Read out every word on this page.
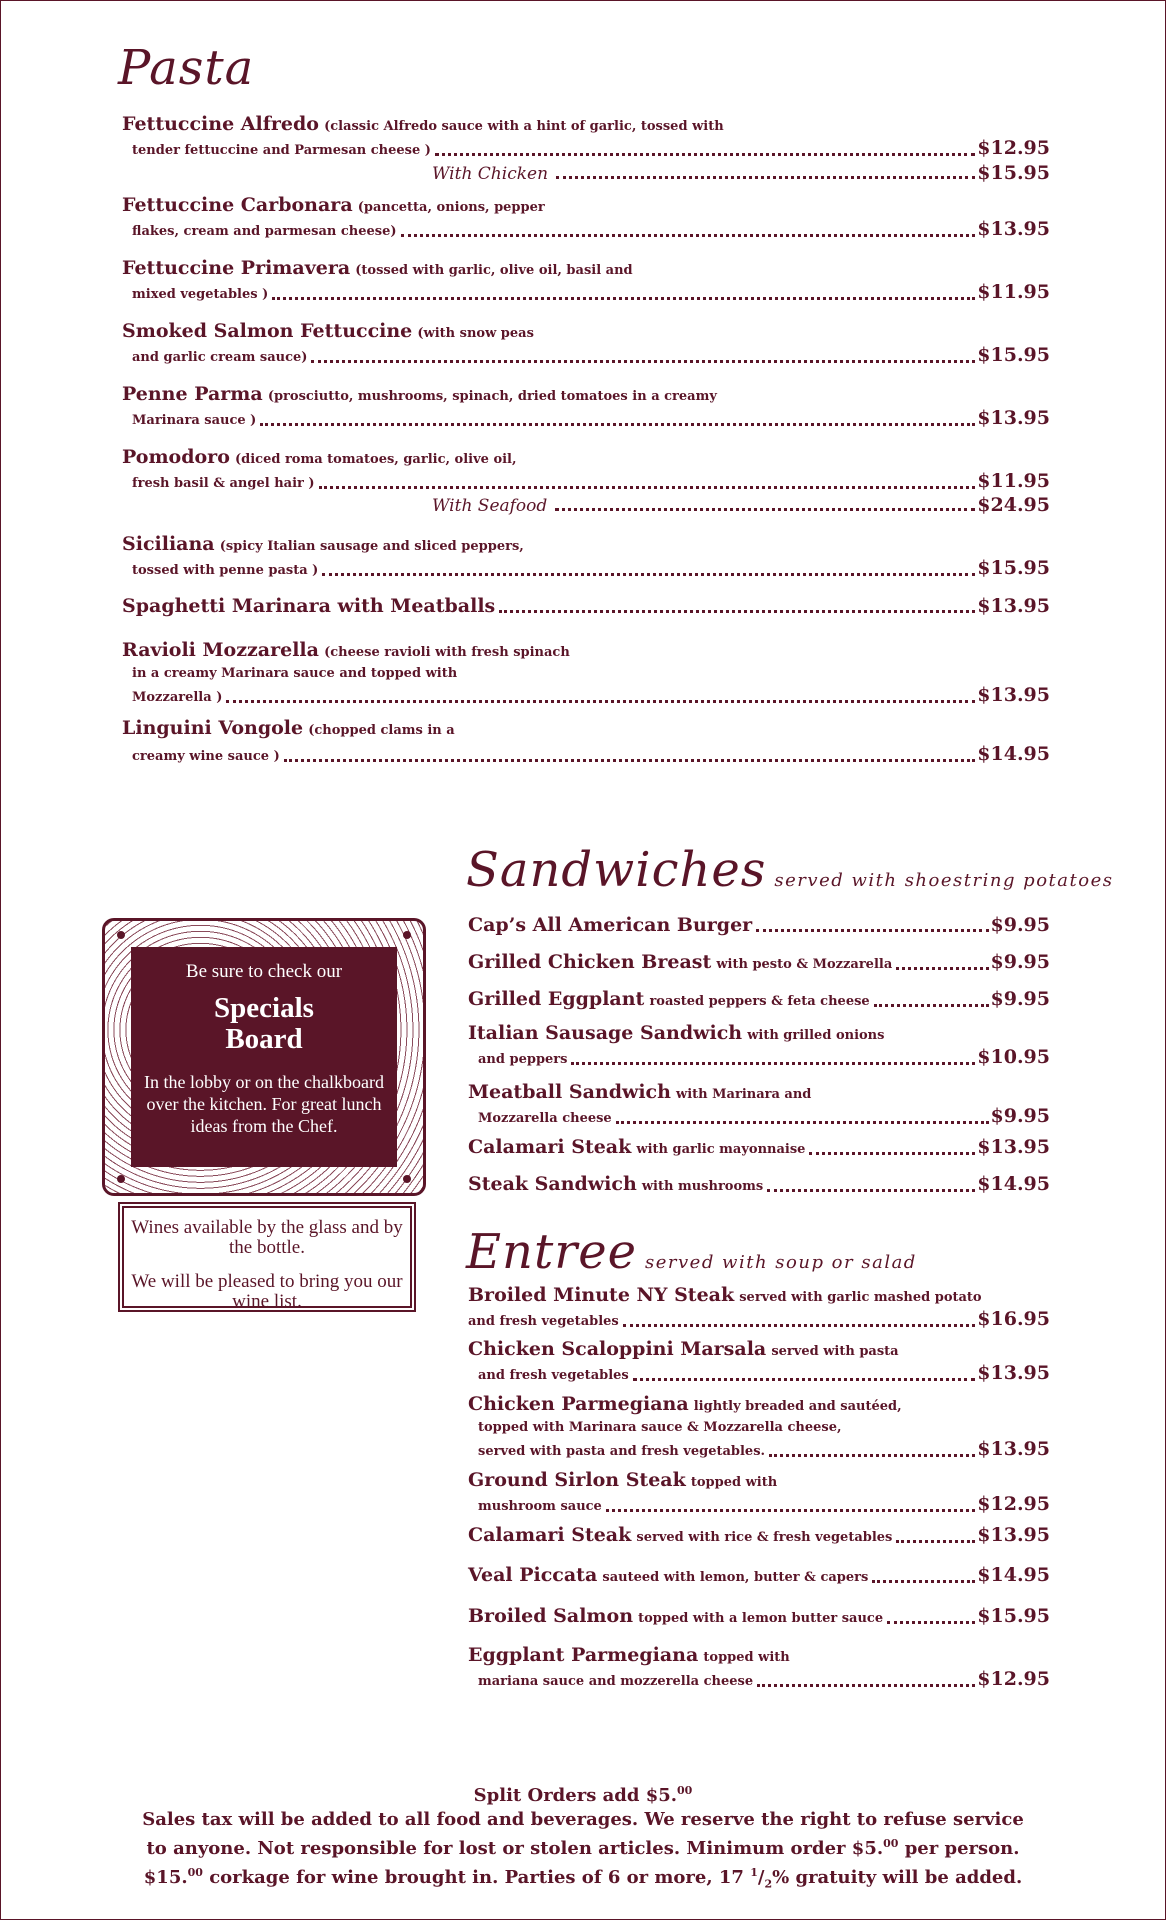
Pasta
Fettuccine Alfredo (classic Alfredo sauce with a hint of garlic, tossed with
tender fettuccine and Parmesan cheese )	$12.95
With Chicken	$15.95
Fettuccine Carbonara (pancetta, onions, pepper
flakes, cream and parmesan cheese)	$13.95
Fettuccine Primavera (tossed with garlic, olive oil, basil and
mixed vegetables )	$11.95
Smoked Salmon Fettuccine (with snow peas
and garlic cream sauce)	$15.95
Penne Parma (prosciutto, mushrooms, spinach, dried tomatoes in a creamy
Marinara sauce )	$13.95
Pomodoro (diced roma tomatoes, garlic, olive oil,
fresh basil & angel hair )	$11.95
With Seafood	$24.95
Siciliana (spicy Italian sausage and sliced peppers,
tossed with penne pasta )	$15.95
Spaghetti Marinara with Meatballs	$13.95
Ravioli Mozzarella (cheese ravioli with fresh spinach
in a creamy Marinara sauce and topped with
Mozzarella )	$13.95
Linguini Vongole (chopped clams in a
creamy wine sauce )	$14.95
Sandwiches served with shoestring potatoes
Cap’s All American Burger	$9.95
Grilled Chicken Breast
with pesto & Mozzarella	$9.95
Grilled Eggplant
roasted peppers & feta cheese	$9.95
Italian Sausage Sandwich with grilled onions
and peppers	$10.95
Meatball Sandwich with Marinara and
Mozzarella cheese	$9.95
Calamari Steak
with garlic mayonnaise	$13.95
Steak Sandwich
with mushrooms	$14.95
Entree served with soup or salad
Broiled Minute NY Steak served with garlic mashed potato
and fresh vegetables	$16.95
Chicken Scaloppini Marsala served with pasta
and fresh vegetables	$13.95
Chicken Parmegiana lightly breaded and sautéed,
topped with Marinara sauce & Mozzarella cheese,
served with pasta and fresh vegetables.	$13.95
Ground Sirlon Steak topped with
mushroom sauce	$12.95
Calamari Steak
served with rice & fresh vegetables	$13.95
Veal Piccata
sauteed with lemon, butter & capers	$14.95
Broiled Salmon
topped with a lemon butter sauce	$15.95
Eggplant Parmegiana topped with
mariana sauce and mozzerella cheese	$12.95
Be sure to check our
Specials
Board
In the lobby or on the chalkboard over the kitchen. For great lunch ideas from the Chef.

Wines available by the glass and by the bottle.

We will be pleased to bring you our wine list.

Split Orders add $5.00
Sales tax will be added to all food and beverages. We reserve the right to refuse service
to anyone. Not responsible for lost or stolen articles. Minimum order $5.00 per person.
$15.00 corkage for wine brought in. Parties of 6 or more, 17 $^1/_2\%$ gratuity will be added.
